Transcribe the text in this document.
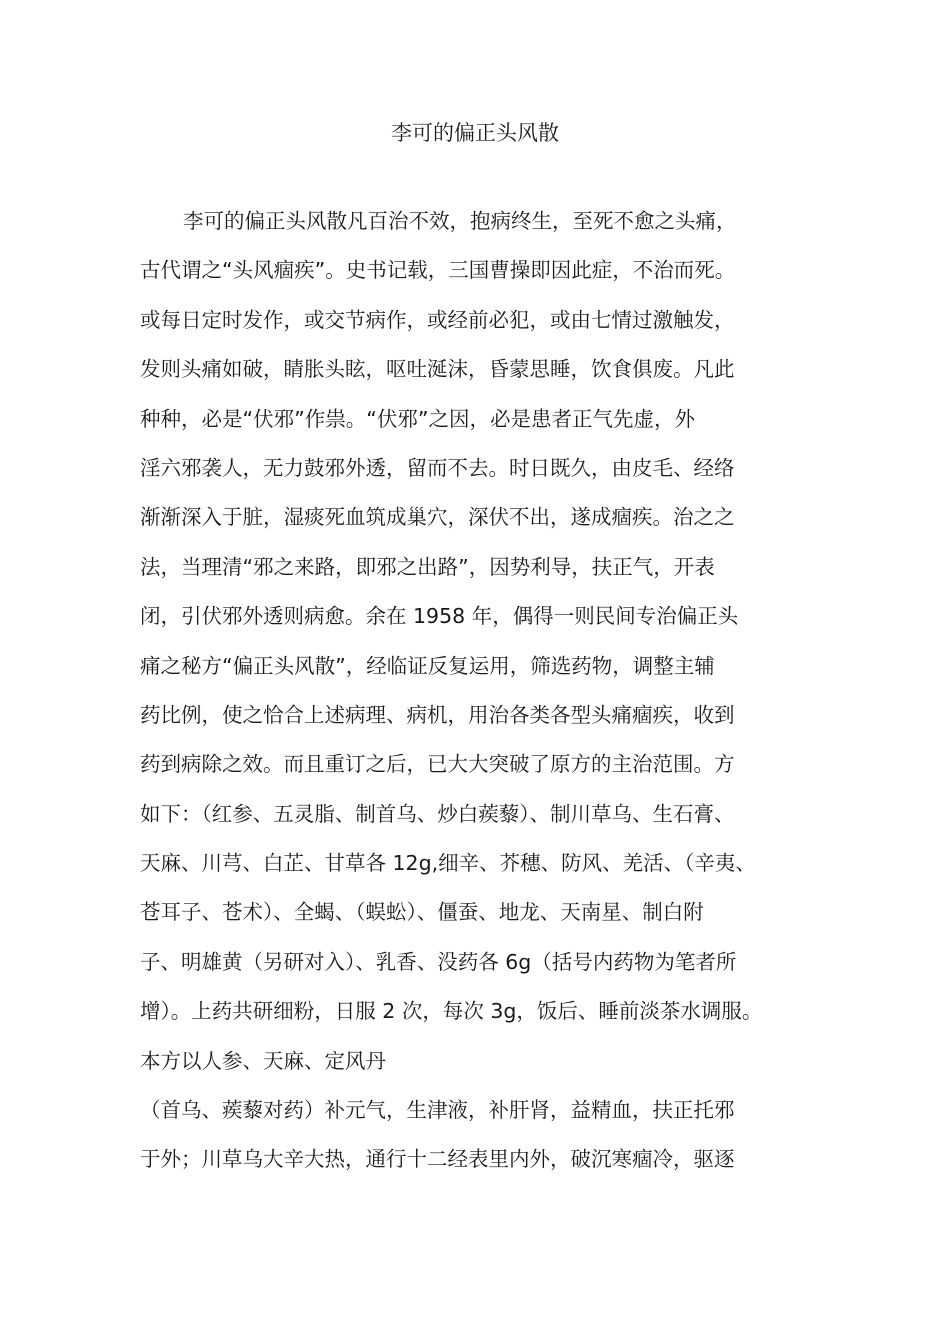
李可的偏正头风散
李可的偏正头风散凡百治不效，抱病终生，至死不愈之头痛，
古代谓之“头风痼疾”。史书记载，三国曹操即因此症，不治而死。
或每日定时发作，或交节病作，或经前必犯，或由七情过激触发，
发则头痛如破，睛胀头眩，呕吐涎沫，昏蒙思睡，饮食俱废。凡此
种种，必是“伏邪”作祟。“伏邪”之因，必是患者正气先虚，外
淫六邪袭人，无力鼓邪外透，留而不去。时日既久，由皮毛、经络
渐渐深入于脏，湿痰死血筑成巢穴，深伏不出，遂成痼疾。治之之
法，当理清“邪之来路，即邪之出路”，因势利导，扶正气，开表
闭，引伏邪外透则病愈。余在 1958 年，偶得一则民间专治偏正头
痛之秘方“偏正头风散”，经临证反复运用，筛选药物，调整主辅
药比例，使之恰合上述病理、病机，用治各类各型头痛痼疾，收到
药到病除之效。而且重订之后，已大大突破了原方的主治范围。方
如下：（红参、五灵脂、制首乌、炒白蒺藜）、制川草乌、生石膏、
天麻、川芎、白芷、甘草各 12g,细辛、芥穗、防风、羌活、（辛夷、
苍耳子、苍术）、全蝎、（蜈蚣）、僵蚕、地龙、天南星、制白附
子、明雄黄（另研对入）、乳香、没药各 6g（括号内药物为笔者所
增）。上药共研细粉，日服 2 次，每次 3g，饭后、睡前淡茶水调服。
本方以人参、天麻、定风丹
（首乌、蒺藜对药）补元气，生津液，补肝肾，益精血，扶正托邪
于外；川草乌大辛大热，通行十二经表里内外，破沉寒痼冷，驱逐
